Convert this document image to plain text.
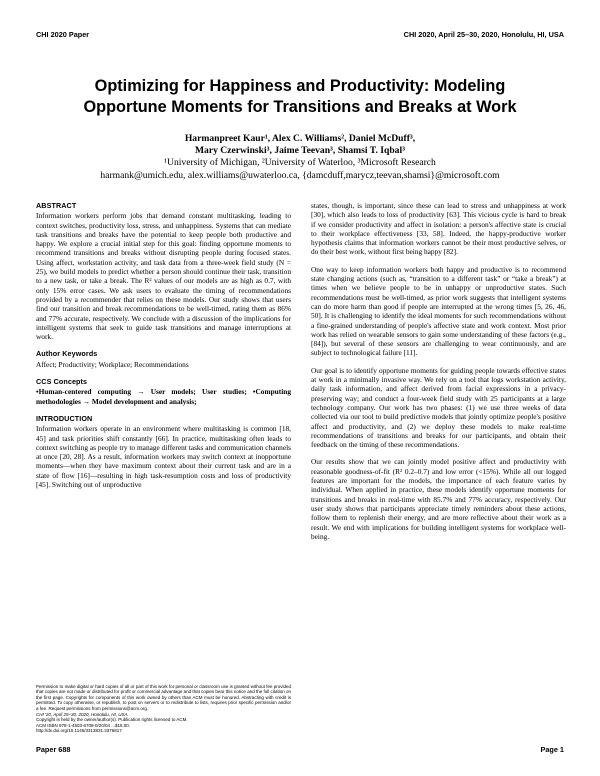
CHI 2020 Paper	CHI 2020, April 25–30, 2020, Honolulu, HI, USA
Optimizing for Happiness and Productivity: Modeling
Opportune Moments for Transitions and Breaks at Work
Harmanpreet Kaur¹, Alex C. Williams², Daniel McDuff³,
Mary Czerwinski³, Jaime Teevan³, Shamsi T. Iqbal³
¹University of Michigan, ²University of Waterloo, ³Microsoft Research
harmank@umich.edu, alex.williams@uwaterloo.ca, {damcduff,marycz,teevan,shamsi}@microsoft.com
ABSTRACT

Information workers perform jobs that demand constant multitasking, leading to context switches, productivity loss, stress, and unhappiness. Systems that can mediate task transitions and breaks have the potential to keep people both productive and happy. We explore a crucial initial step for this goal: finding opportune moments to recommend transitions and breaks without disrupting people during focused states. Using affect, workstation activity, and task data from a three-week field study (N = 25), we build models to predict whether a person should continue their task, transition to a new task, or take a break. The R² values of our models are as high as 0.7, with only 15% error cases. We ask users to evaluate the timing of recommendations provided by a recommender that relies on these models. Our study shows that users find our transition and break recommendations to be well-timed, rating them as 86% and 77% accurate, respectively. We conclude with a discussion of the implications for intelligent systems that seek to guide task transitions and manage interruptions at work.

Author Keywords

Affect; Productivity; Workplace; Recommendations

CCS Concepts

•Human-centered computing → User models; User studies; •Computing methodologies → Model development and analysis;

INTRODUCTION

Information workers operate in an environment where multitasking is common [18, 45] and task priorities shift constantly [66]. In practice, multitasking often leads to context switching as people try to manage different tasks and communication channels at once [20, 28]. As a result, information workers may switch context at inopportune moments—when they have maximum context about their current task and are in a state of flow [16]—resulting in high task-resumption costs and loss of productivity [45]. Switching out of unproductive

Permission to make digital or hard copies of all or part of this work for personal or classroom use is granted without fee provided that copies are not made or distributed for profit or commercial advantage and that copies bear this notice and the full citation on the first page. Copyrights for components of this work owned by others than ACM must be honored. Abstracting with credit is permitted. To copy otherwise, or republish, to post on servers or to redistribute to lists, requires prior specific permission and/or a fee. Request permissions from permissions@acm.org.

CHI '20, April 25–30, 2020, Honolulu, HI, USA.

Copyright is held by the owner/author(s). Publication rights licensed to ACM.

ACM ISBN 978-1-4503-6708-0/20/04 ...$15.00.

http://dx.doi.org/10.1145/3313831.3376817

states, though, is important, since these can lead to stress and unhappiness at work [30], which also leads to loss of productivity [63]. This vicious cycle is hard to break if we consider productivity and affect in isolation: a person's affective state is crucial to their workplace effectiveness [33, 58]. Indeed, the happy-productive worker hypothesis claims that information workers cannot be their most productive selves, or do their best work, without first being happy [82].

One way to keep information workers both happy and productive is to recommend state changing actions (such as, “transition to a different task” or “take a break”) at times when we believe people to be in unhappy or unproductive states. Such recommendations must be well-timed, as prior work suggests that intelligent systems can do more harm than good if people are interrupted at the wrong times [5, 26, 46, 50]. It is challenging to identify the ideal moments for such recommendations without a fine-grained understanding of people's affective state and work context. Most prior work has relied on wearable sensors to gain some understanding of these factors (e.g., [84]), but several of these sensors are challenging to wear continuously, and are subject to technological failure [11].

Our goal is to identify opportune moments for guiding people towards effective states at work in a minimally invasive way. We rely on a tool that logs workstation activity, daily task information, and affect derived from facial expressions in a privacy-preserving way; and conduct a four-week field study with 25 participants at a large technology company. Our work has two phases: (1) we use three weeks of data collected via our tool to build predictive models that jointly optimize people's positive affect and productivity, and (2) we deploy these models to make real-time recommendations of transitions and breaks for our participants, and obtain their feedback on the timing of these recommendations.

Our results show that we can jointly model positive affect and productivity with reasonable goodness-of-fit (R² 0.2–0.7) and low error (<15%). While all our logged features are important for the models, the importance of each feature varies by individual. When applied in practice, these models identify opportune moments for transitions and breaks in real-time with 85.7% and 77% accuracy, respectively. Our user study shows that participants appreciate timely reminders about these actions, follow them to replenish their energy, and are more reflective about their work as a result. We end with implications for building intelligent systems for workplace well-being.

Paper 688	Page 1
